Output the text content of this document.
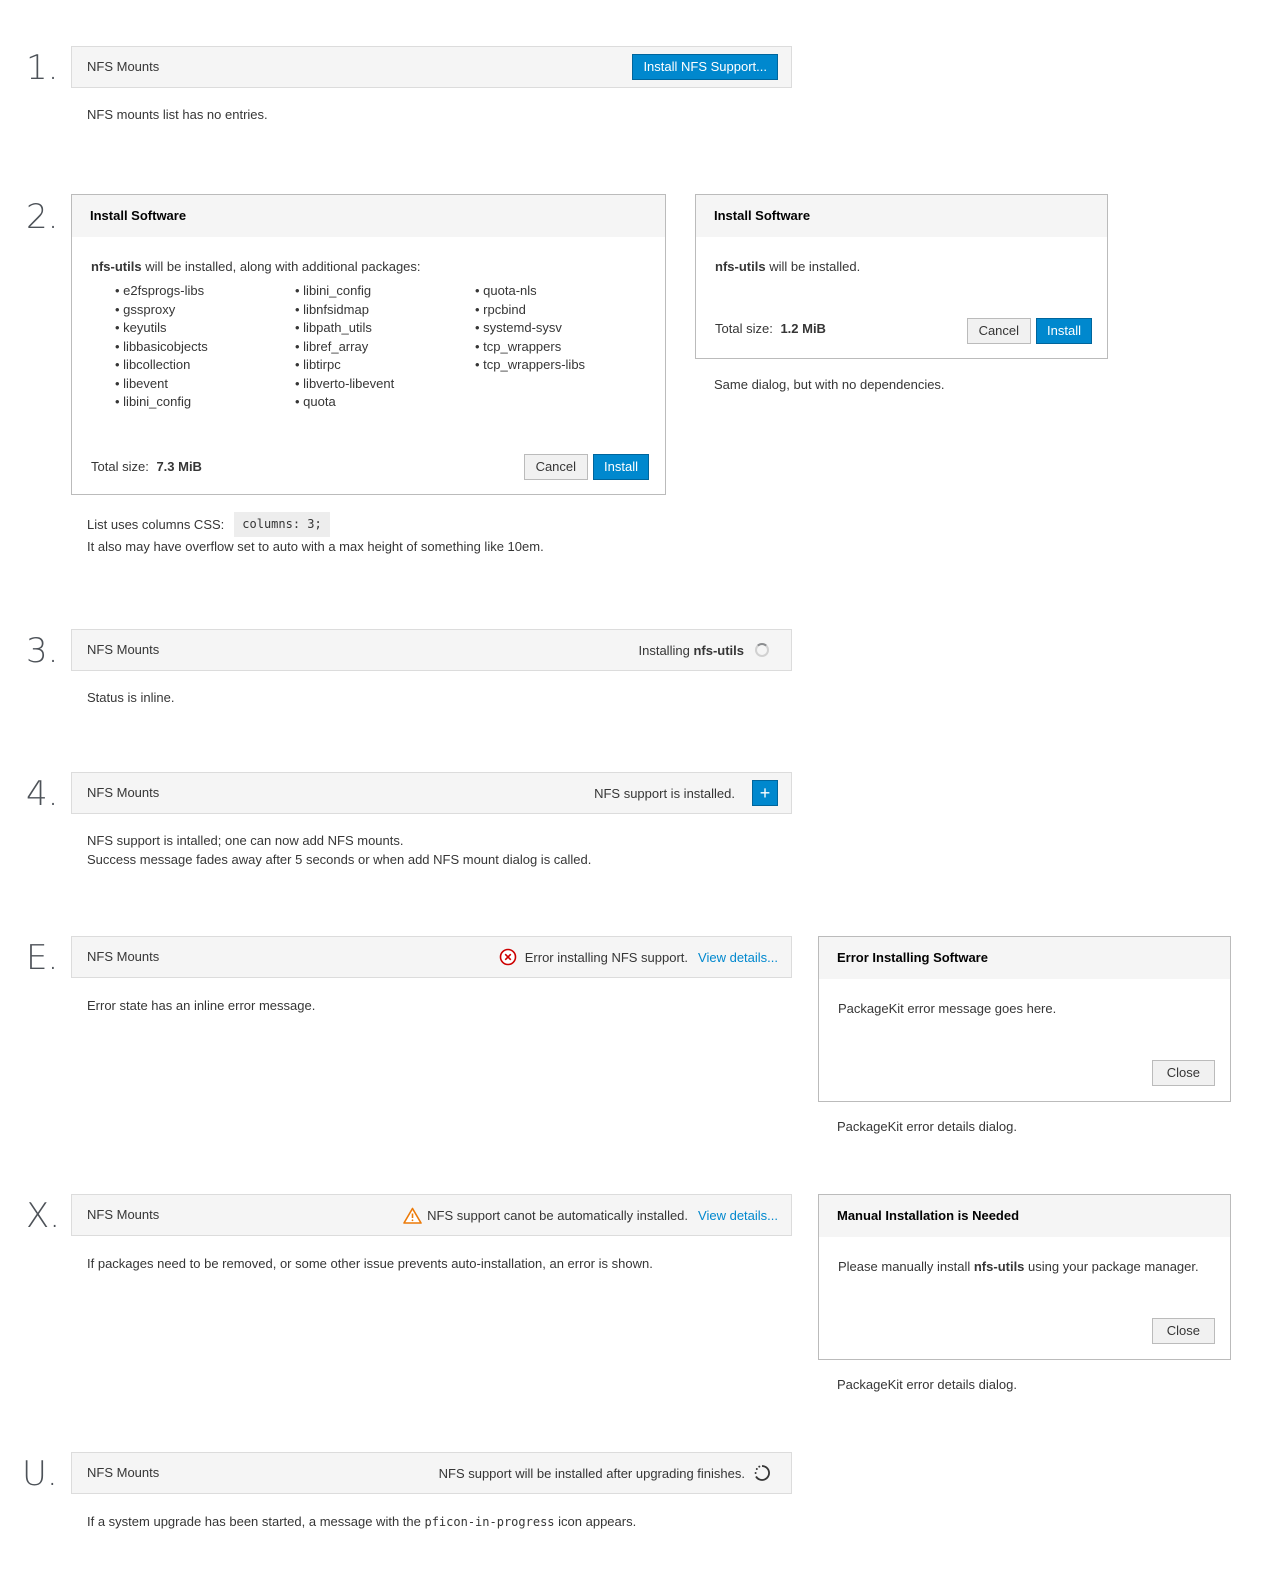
1. NFS Mounts	Install NFS Support...
NFS mounts list has no entries.
2.	Install Software
nfs-utils will be installed, along with additional packages:
• e2fsprogs-libs
• gssproxy
• keyutils
• libbasicobjects
• libcollection
• libevent
• libini_config
• libini_config
• libnfsidmap
• libpath_utils
• libref_array
• libtirpc
• libverto-libevent
• quota
• quota-nls
• rpcbind
• systemd-sysv
• tcp_wrappers
• tcp_wrappers-libs
Total size: 7.3 MiB	Cancel	Install
List uses columns CSS:	columns: 3;
It also may have overflow set to auto with a max height of something like 10em.
Install Software
nfs-utils will be installed.
Total size: 1.2 MiB	Cancel	Install
Same dialog, but with no dependencies.
3. NFS Mounts	Installing nfs-utils
Status is inline.
4. NFS Mounts	NFS support is installed. +
NFS support is intalled; one can now add NFS mounts.
Success message fades away after 5 seconds or when add NFS mount dialog is called.
E. NFS Mounts	Error installing NFS support. View details...
Error state has an inline error message.
Error Installing Software
PackageKit error message goes here.
Close
PackageKit error details dialog.
X. NFS Mounts	NFS support canot be automatically installed. View details...
If packages need to be removed, or some other issue prevents auto-installation, an error is shown.
Manual Installation is Needed
Please manually install nfs-utils using your package manager.
Close
PackageKit error details dialog.
U. NFS Mounts	NFS support will be installed after upgrading finishes.
If a system upgrade has been started, a message with the pficon-in-progress icon appears.
